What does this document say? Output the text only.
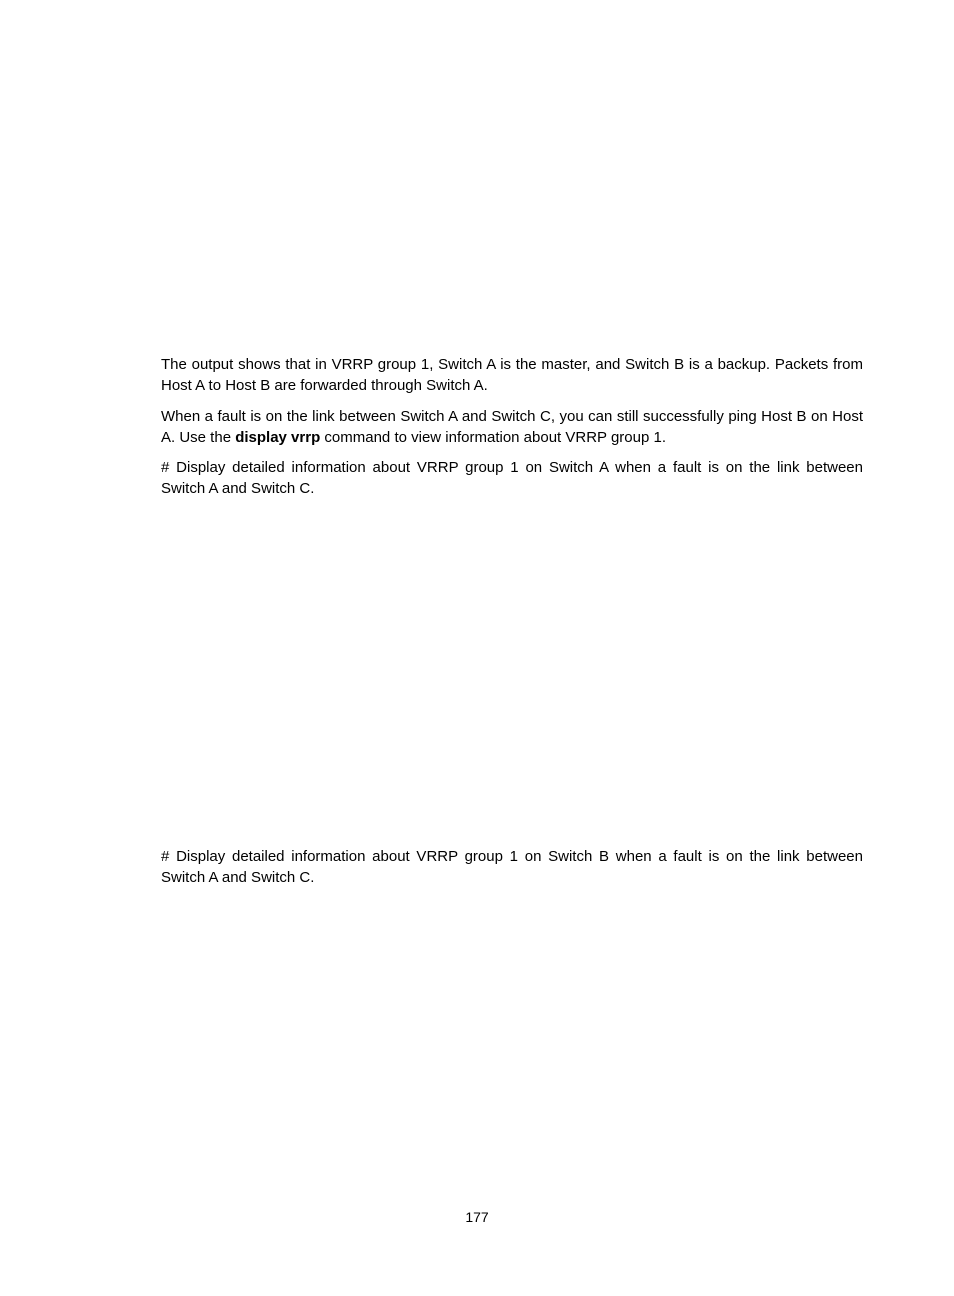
The output shows that in VRRP group 1, Switch A is the master, and Switch B is a backup. Packets from Host A to Host B are forwarded through Switch A.

When a fault is on the link between Switch A and Switch C, you can still successfully ping Host B on Host A. Use the display vrrp command to view information about VRRP group 1.

# Display detailed information about VRRP group 1 on Switch A when a fault is on the link between Switch A and Switch C.

# Display detailed information about VRRP group 1 on Switch B when a fault is on the link between Switch A and Switch C.

177
